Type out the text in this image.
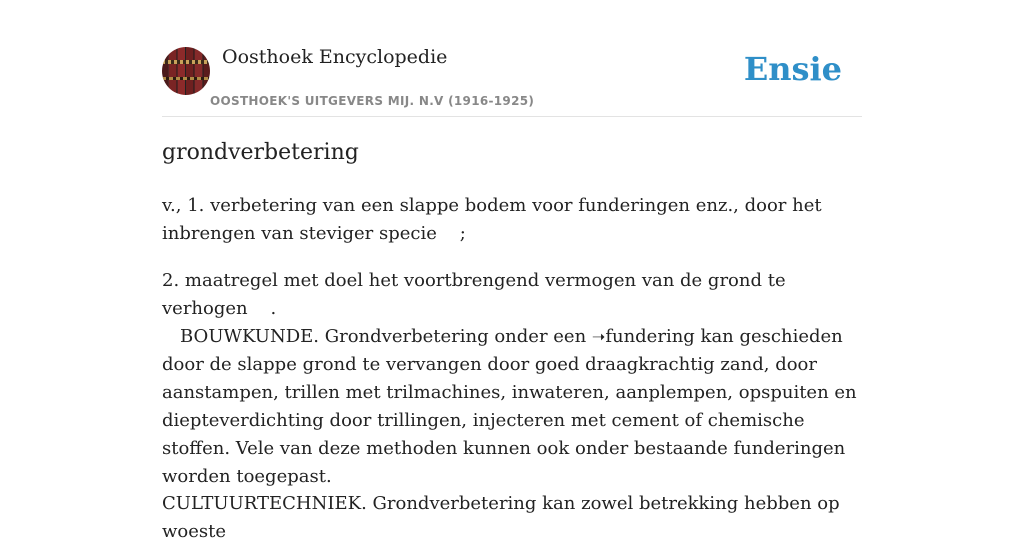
Oosthoek Encyclopedie
OOSTHOEK'S UITGEVERS MIJ. N.V (1916-1925)
Ensie
grondverbetering
v., 1. verbetering van een slappe bodem voor funderingen enz., door het inbrengen van steviger specie    ;
2. maatregel met doel het voortbrengend vermogen van de grond te verhogen    .
BOUWKUNDE. Grondverbetering onder een ➝fundering kan geschieden door de slappe grond te vervangen door goed draagkrachtig zand, door aanstampen, trillen met trilmachines, inwateren, aanplempen, opspuiten en diepteverdichting door trillingen, injecteren met cement of chemische stoffen. Vele van deze methoden kunnen ook onder bestaande funderingen worden toegepast.
CULTUURTECHNIEK. Grondverbetering kan zowel betrekking hebben op woeste
